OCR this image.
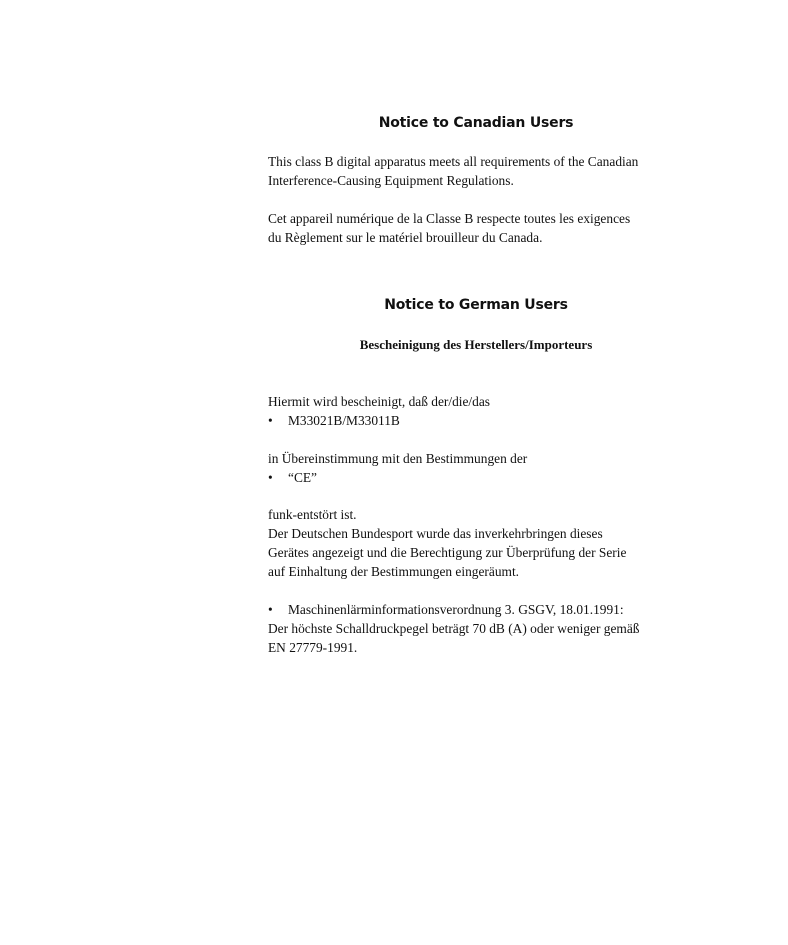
Notice to Canadian Users

This class B digital apparatus meets all requirements of the Canadian

Interference-Causing Equipment Regulations.

Cet appareil numérique de la Classe B respecte toutes les exigences

du Règlement sur le matériel brouilleur du Canada.

Notice to German Users
Bescheinigung des Herstellers/Importeurs

Hiermit wird bescheinigt, daß der/die/das

•	M33021B/M33011B

in Übereinstimmung mit den Bestimmungen der

•	“CE”

funk-entstört ist.

Der Deutschen Bundesport wurde das inverkehrbringen dieses

Gerätes angezeigt und die Berechtigung zur Überprüfung der Serie

auf Einhaltung der Bestimmungen eingeräumt.

•	Maschinenlärminformationsverordnung 3. GSGV, 18.01.1991:

Der höchste Schalldruckpegel beträgt 70 dB (A) oder weniger gemäß

EN 27779-1991.
